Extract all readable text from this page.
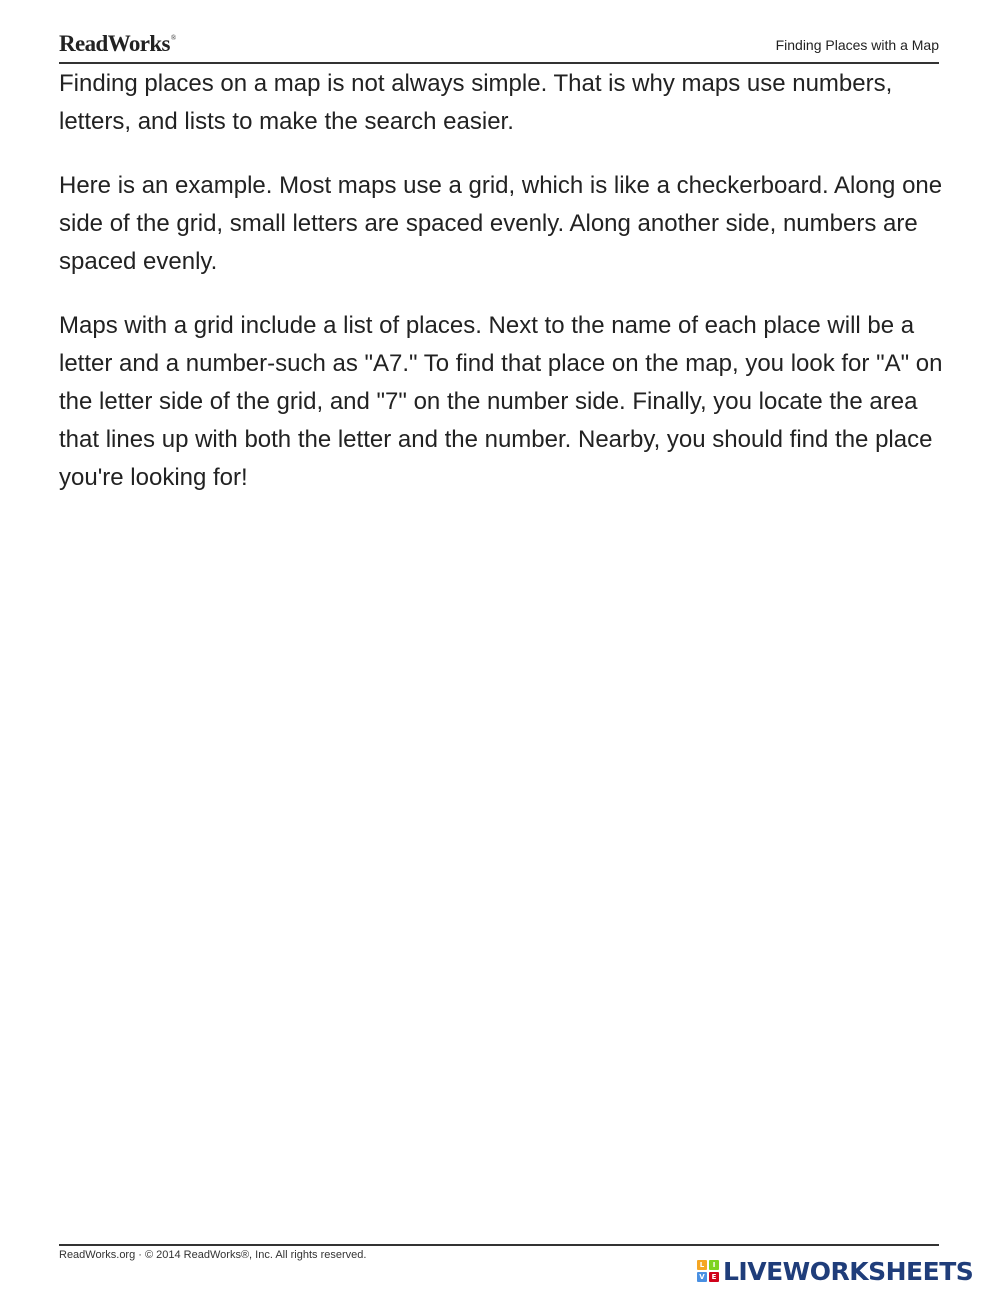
ReadWorks®	Finding Places with a Map

Finding places on a map is not always simple. That is why maps use numbers, letters, and lists to make the search easier.

Here is an example. Most maps use a grid, which is like a checkerboard. Along one side of the grid, small letters are spaced evenly. Along another side, numbers are spaced evenly.

Maps with a grid include a list of places. Next to the name of each place will be a letter and a number-such as "A7." To find that place on the map, you look for "A" on the letter side of the grid, and "7" on the number side. Finally, you locate the area that lines up with both the letter and the number. Nearby, you should find the place you're looking for!

ReadWorks.org · © 2014 ReadWorks®, Inc. All rights reserved.
L	I
V E LIVEWORKSHEETS
